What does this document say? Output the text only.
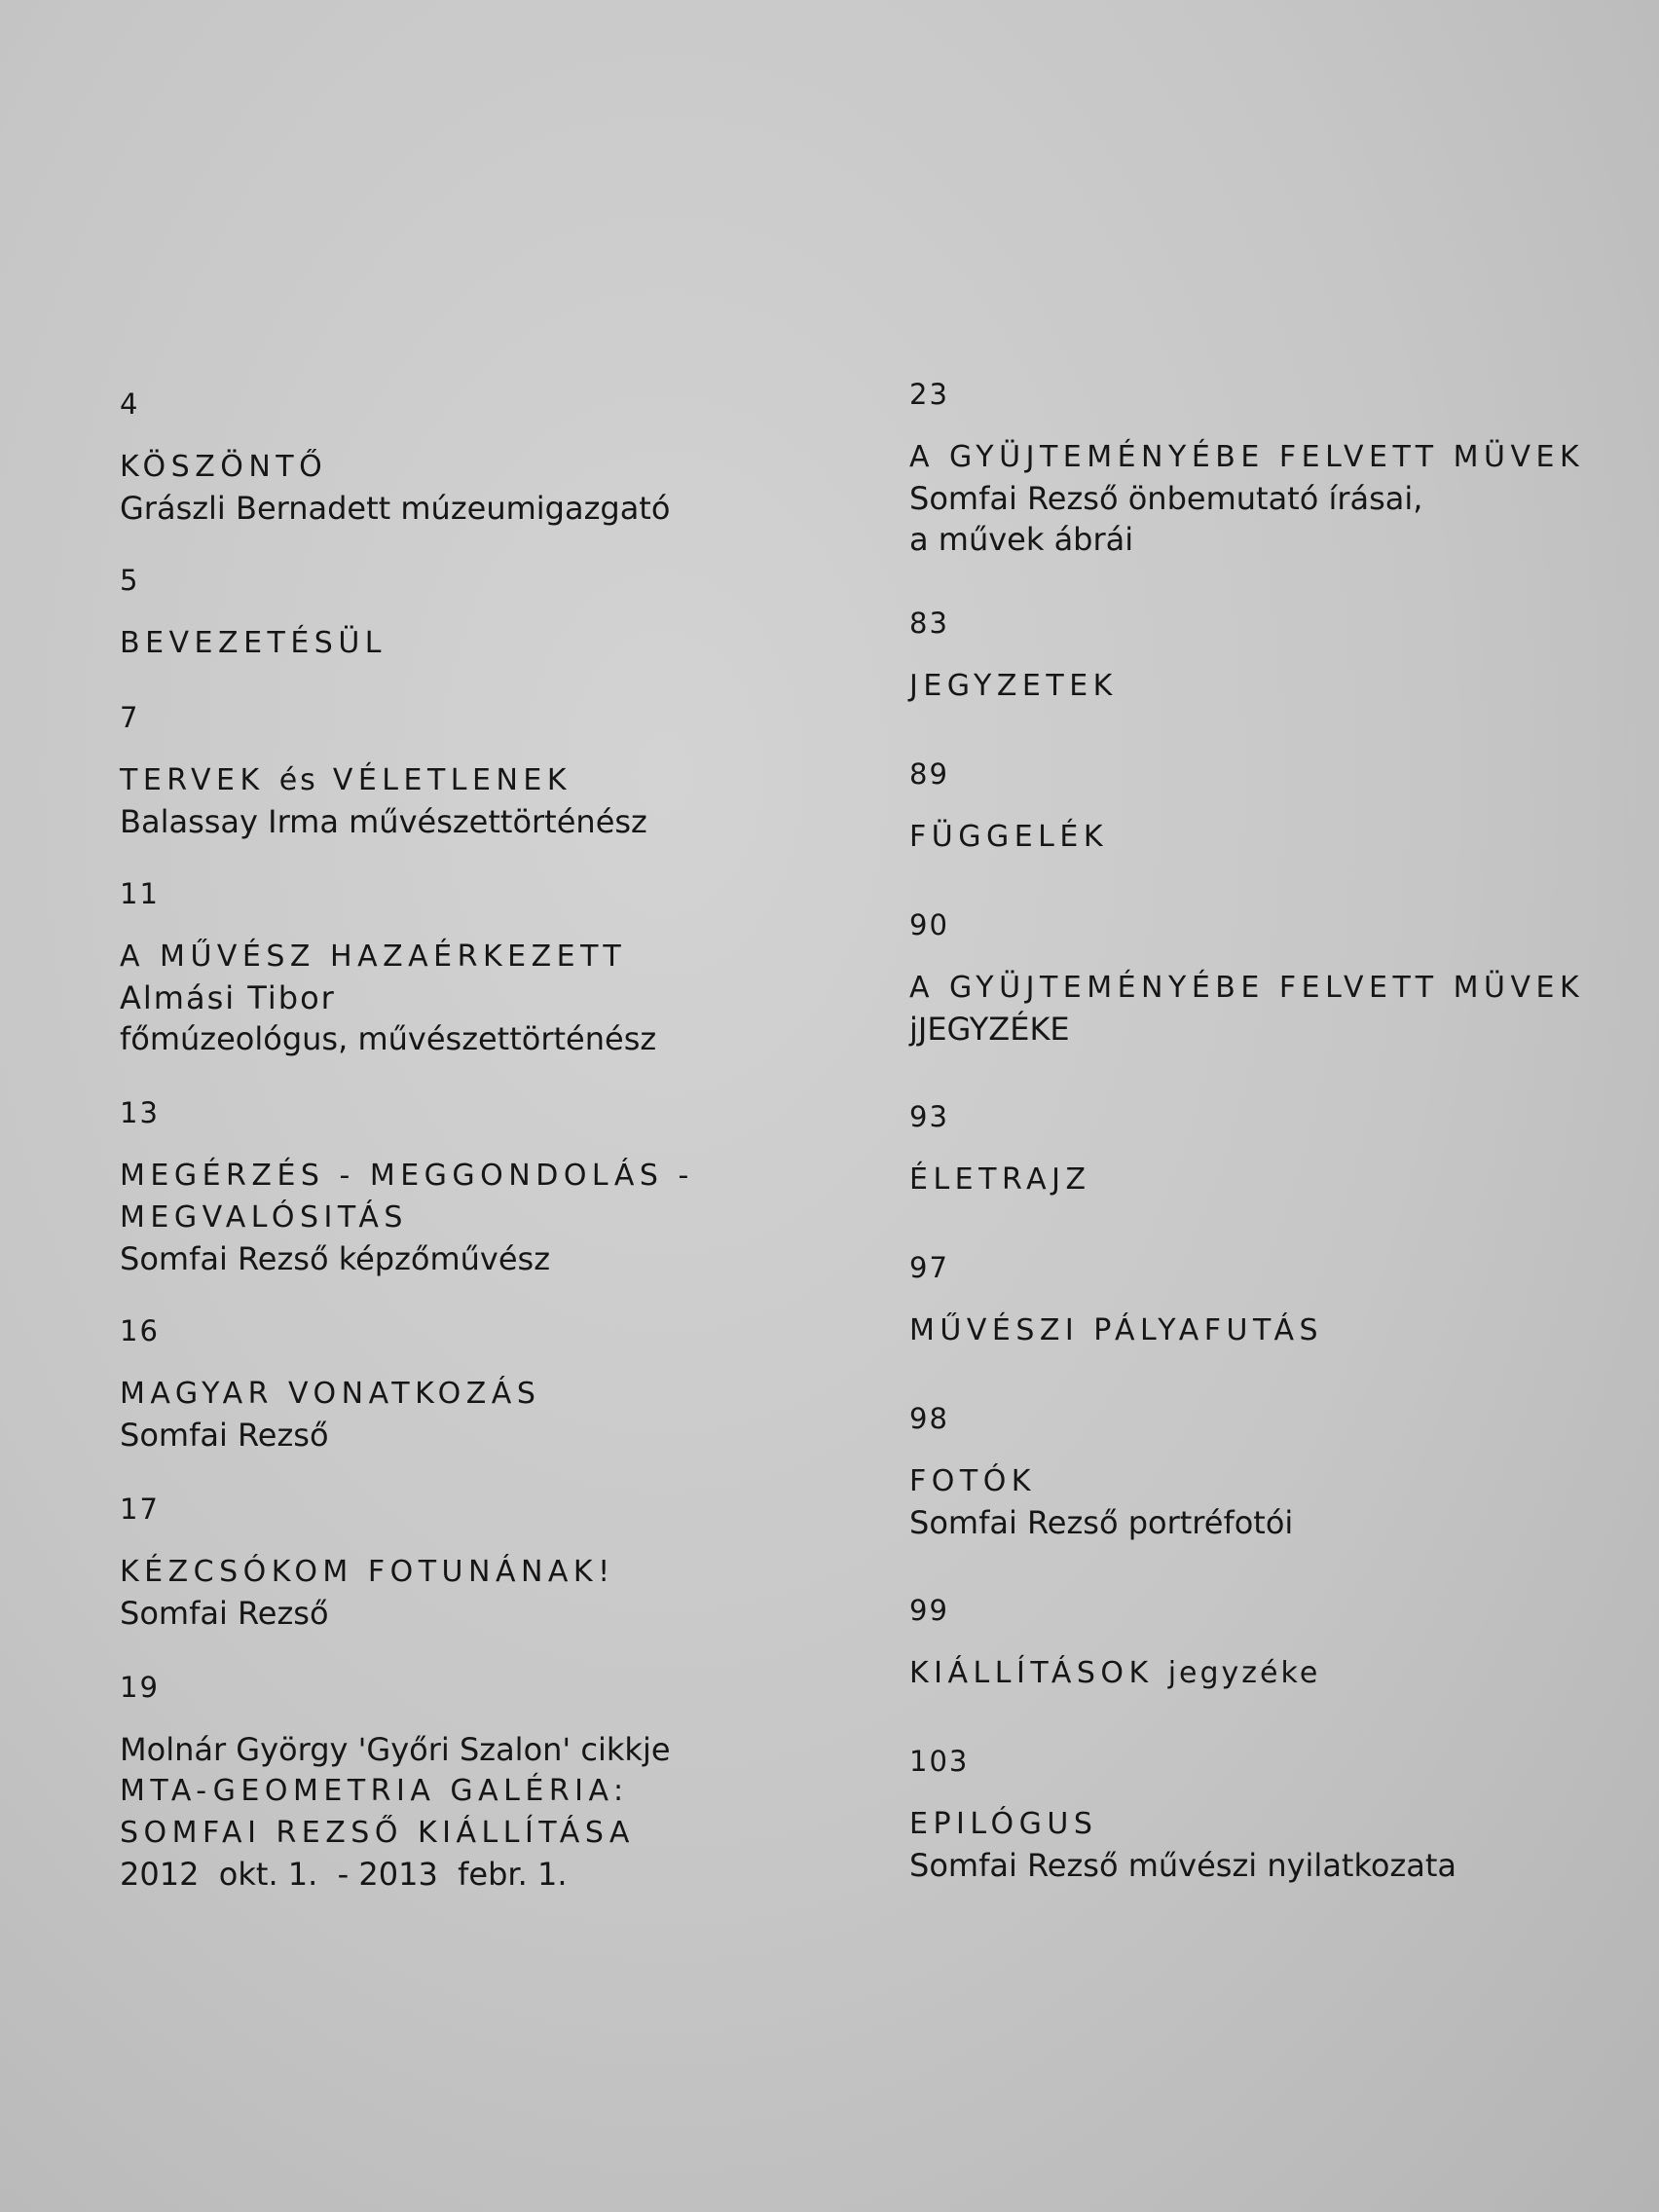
4
KÖSZÖNTŐ
Grászli Bernadett múzeumigazgató
5
BEVEZETÉSÜL
7
TERVEK és VÉLETLENEK
Balassay Irma művészettörténész
11
A MŰVÉSZ HAZAÉRKEZETT
Almási Tibor
főmúzeológus, művészettörténész
13
MEGÉRZÉS - MEGGONDOLÁS -
MEGVALÓSITÁS
Somfai Rezső képzőművész
16
MAGYAR VONATKOZÁS
Somfai Rezső
17
KÉZCSÓKOM FOTUNÁNAK!
Somfai Rezső
19
Molnár György 'Győri Szalon' cikkje
MTA-GEOMETRIA GALÉRIA:
SOMFAI REZSŐ KIÁLLÍTÁSA
2012  okt. 1.  - 2013  febr. 1.
23
A GYÜJTEMÉNYÉBE FELVETT MÜVEK
Somfai Rezső önbemutató írásai,
a művek ábrái
83
JEGYZETEK
89
FÜGGELÉK
90
A GYÜJTEMÉNYÉBE FELVETT MÜVEK
jJEGYZÉKE
93
ÉLETRAJZ
97
MŰVÉSZI PÁLYAFUTÁS
98
FOTÓK
Somfai Rezső portréfotói
99
KIÁLLÍTÁSOK jegyzéke
103
EPILÓGUS
Somfai Rezső művészi nyilatkozata
